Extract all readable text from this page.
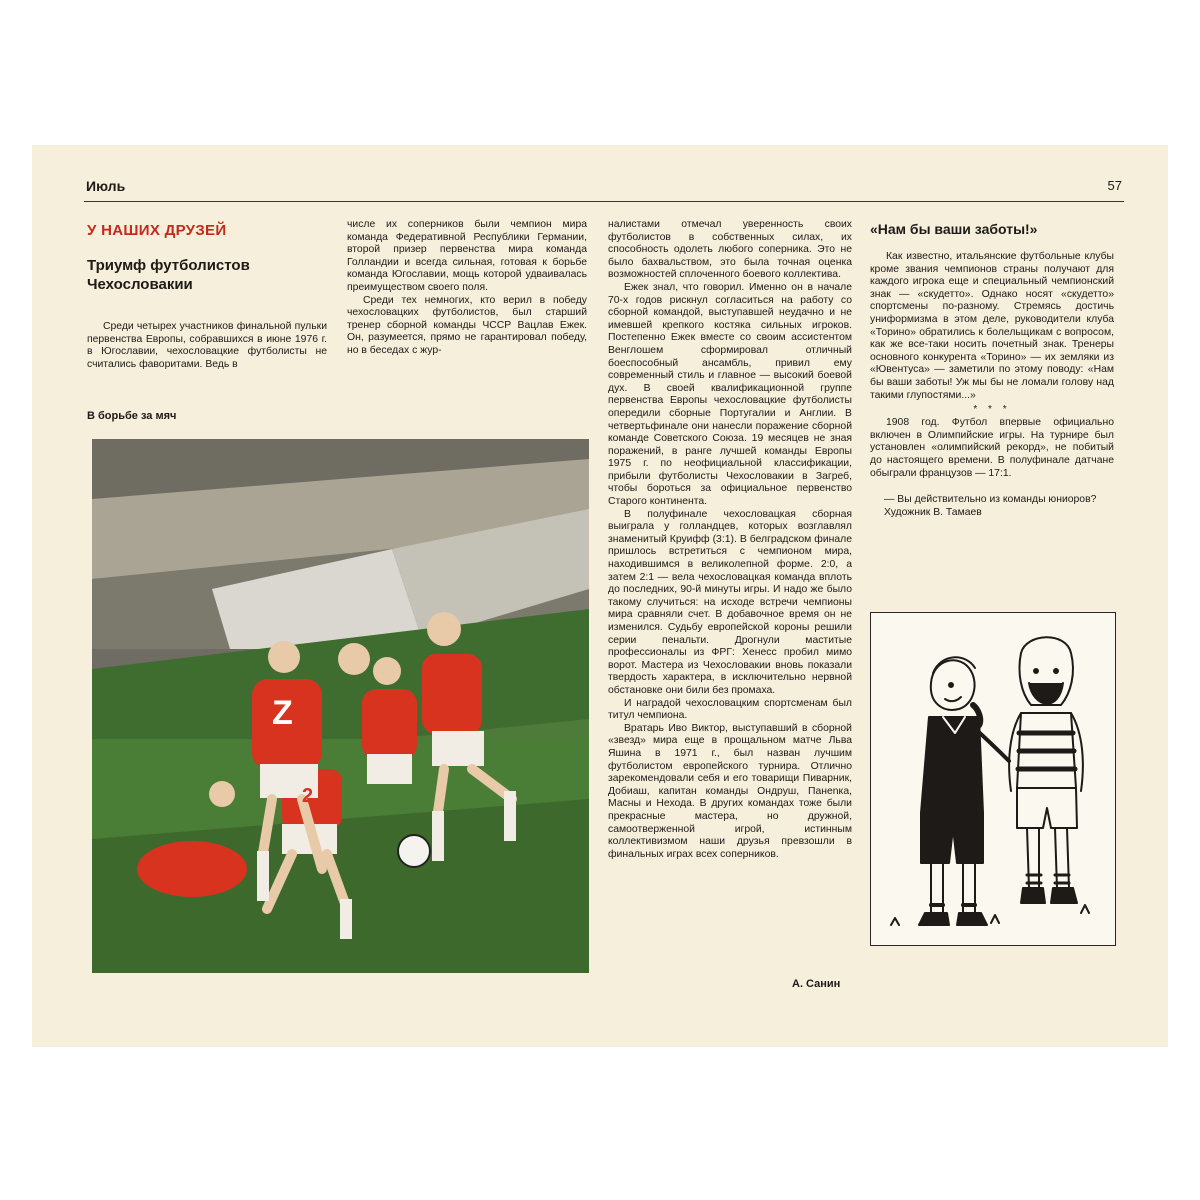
Июль	57
У НАШИХ ДРУЗЕЙ
Триумф футболистов Чехословакии

Среди четырех участников финальной пульки первенства Европы, собравшихся в июне 1976 г. в Югославии, чехословацкие футболисты не считались фаворитами. Ведь в

В борьбе за мяч
Z
2

числе их соперников были чемпион мира команда Федеративной Республики Германии, второй призер первенства мира команда Голландии и всегда сильная, готовая к борьбе команда Югославии, мощь которой удваивалась преимуществом своего поля.

Среди тех немногих, кто верил в победу чехословацких футболистов, был старший тренер сборной команды ЧССР Вацлав Ежек. Он, разумеется, прямо не гарантировал победу, но в беседах с жур-

налистами отмечал уверенность своих футболистов в собственных силах, их способность одолеть любого соперника. Это не было бахвальством, это была точная оценка возможностей сплоченного боевого коллектива.

Ежек знал, что говорил. Именно он в начале 70-х годов рискнул согласиться на работу со сборной командой, выступавшей неудачно и не имевшей крепкого костяка сильных игроков. Постепенно Ежек вместе со своим ассистентом Венглошем сформировал отличный боеспособный ансамбль, привил ему современный стиль и главное — высокий боевой дух. В своей квалификационной группе первенства Европы чехословацкие футболисты опередили сборные Португалии и Англии. В четвертьфинале они нанесли поражение сборной команде Советского Союза. 19 месяцев не зная поражений, в ранге лучшей команды Европы 1975 г. по неофициальной классификации, прибыли футболисты Чехословакии в Загреб, чтобы бороться за официальное первенство Старого континента.

В полуфинале чехословацкая сборная выиграла у голландцев, которых возглавлял знаменитый Круифф (3:1). В белградском финале пришлось встретиться с чемпионом мира, находившимся в великолепной форме. 2:0, а затем 2:1 — вела чехословацкая команда вплоть до последних, 90-й минуты игры. И надо же было такому случиться: на исходе встречи чемпионы мира сравняли счет. В добавочное время он не изменился. Судьбу европейской короны решили серии пенальти. Дрогнули маститые профессионалы из ФРГ: Хенесс пробил мимо ворот. Мастера из Чехословакии вновь показали твердость характера, в исключительно нервной обстановке они били без промаха.

И наградой чехословацким спортсменам был титул чемпиона.

Вратарь Иво Виктор, выступавший в сборной «звезд» мира еще в прощальном матче Льва Яшина в 1971 г., был назван лучшим футболистом европейского турнира. Отлично зарекомендовали себя и его товарищи Пиварник, Добиаш, капитан команды Ондруш, Панenка, Масны и Нехода. В других командах тоже были прекрасные мастера, но дружной, самоотверженной игрой, истинным коллективизмом наши друзья превзошли в финальных играх всех соперников.

А. Санин
«Нам бы ваши заботы!»

Как известно, итальянские футбольные клубы кроме звания чемпионов страны получают для каждого игрока еще и специальный чемпионский знак — «скудетто». Однако носят «скудетто» спортсмены по-разному. Стремясь достичь униформизма в этом деле, руководители клуба «Торино» обратились к болельщикам с вопросом, как же все-таки носить почетный знак. Тренеры основного конкурента «Торино» — их земляки из «Ювентуса» — заметили по этому поводу: «Нам бы ваши заботы! Уж мы бы не ломали голову над такими глупостями...»

* * *

1908 год. Футбол впервые официально включен в Олимпийские игры. На турнире был установлен «олимпийский рекорд», не побитый до настоящего времени. В полуфинале датчане обыграли французов — 17:1.

— Вы действительно из команды юниоров?

Художник В. Тамаев
